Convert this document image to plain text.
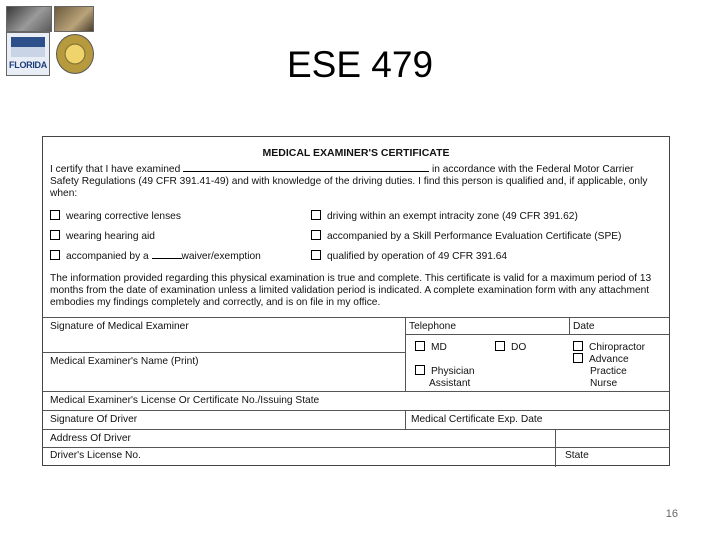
FLORIDA	ESE 479
MEDICAL EXAMINER'S CERTIFICATE
I certify that I have examined	in accordance with the Federal Motor Carrier Safety Regulations (49 CFR 391.41-49) and with knowledge of the driving duties. I find this person is qualified and, if applicable, only when:
wearing corrective lenses
wearing hearing aid
accompanied by a	waiver/exemption
driving within an exempt intracity zone (49 CFR 391.62)
accompanied by a Skill Performance Evaluation Certificate (SPE)
qualified by operation of 49 CFR 391.64
The information provided regarding this physical examination is true and complete. This certificate is valid for a maximum period of 13 months from the date of examination unless a limited validation period is indicated. A complete examination form with any attachment embodies my findings completely and correctly, and is on file in my office.
Signature of Medical Examiner	Telephone	Date
Medical Examiner's Name (Print)
MD	DO	Chiropractor
Advance
Practice
Nurse
Physician
Assistant
Medical Examiner's License Or Certificate No./Issuing State
Signature Of Driver	Medical Certificate Exp. Date
Address Of Driver
Driver's License No.	State
16
